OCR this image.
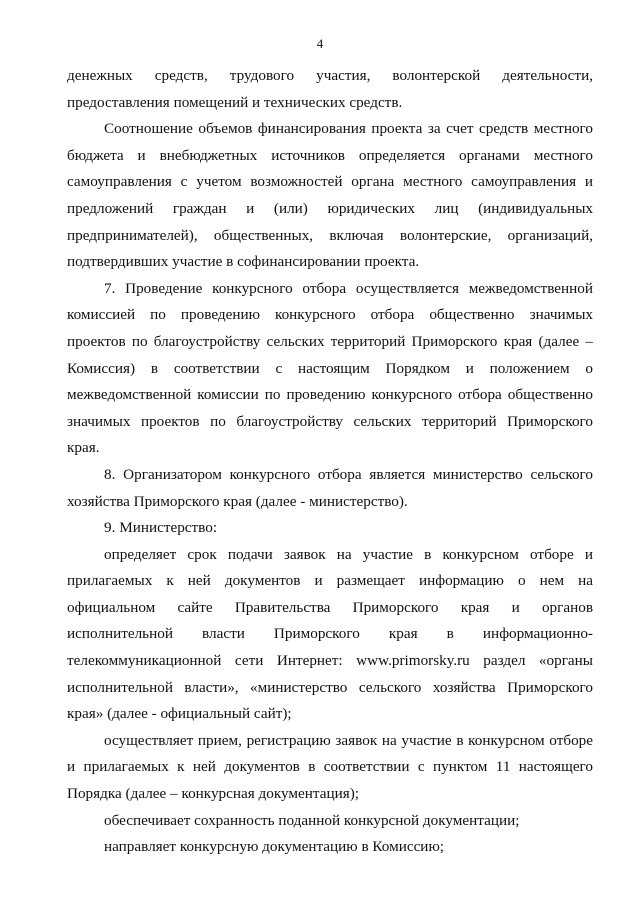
4
денежных средств, трудового участия, волонтерской деятельности,
предоставления помещений и технических средств.
Соотношение объемов финансирования проекта за счет средств местного
бюджета и внебюджетных источников определяется органами местного
самоуправления с учетом возможностей органа местного самоуправления и
предложений граждан и (или) юридических лиц (индивидуальных
предпринимателей), общественных, включая волонтерские, организаций,
подтвердивших участие в софинансировании проекта.
7. Проведение конкурсного отбора осуществляется межведомственной
комиссией по проведению конкурсного отбора общественно значимых
проектов по благоустройству сельских территорий Приморского края (далее –
Комиссия) в соответствии с настоящим Порядком и положением о
межведомственной комиссии по проведению конкурсного отбора общественно
значимых проектов по благоустройству сельских территорий Приморского
края.
8. Организатором конкурсного отбора является министерство сельского
хозяйства Приморского края (далее - министерство).
9. Министерство:
определяет срок подачи заявок на участие в конкурсном отборе и
прилагаемых к ней документов и размещает информацию о нем на
официальном сайте Правительства Приморского края и органов
исполнительной власти Приморского края в информационно-
телекоммуникационной сети Интернет: www.primorsky.ru раздел «органы
исполнительной власти», «министерство сельского хозяйства Приморского
края» (далее - официальный сайт);
осуществляет прием, регистрацию заявок на участие в конкурсном отборе
и прилагаемых к ней документов в соответствии с пунктом 11 настоящего
Порядка (далее – конкурсная документация);
обеспечивает сохранность поданной конкурсной документации;
направляет конкурсную документацию в Комиссию;
